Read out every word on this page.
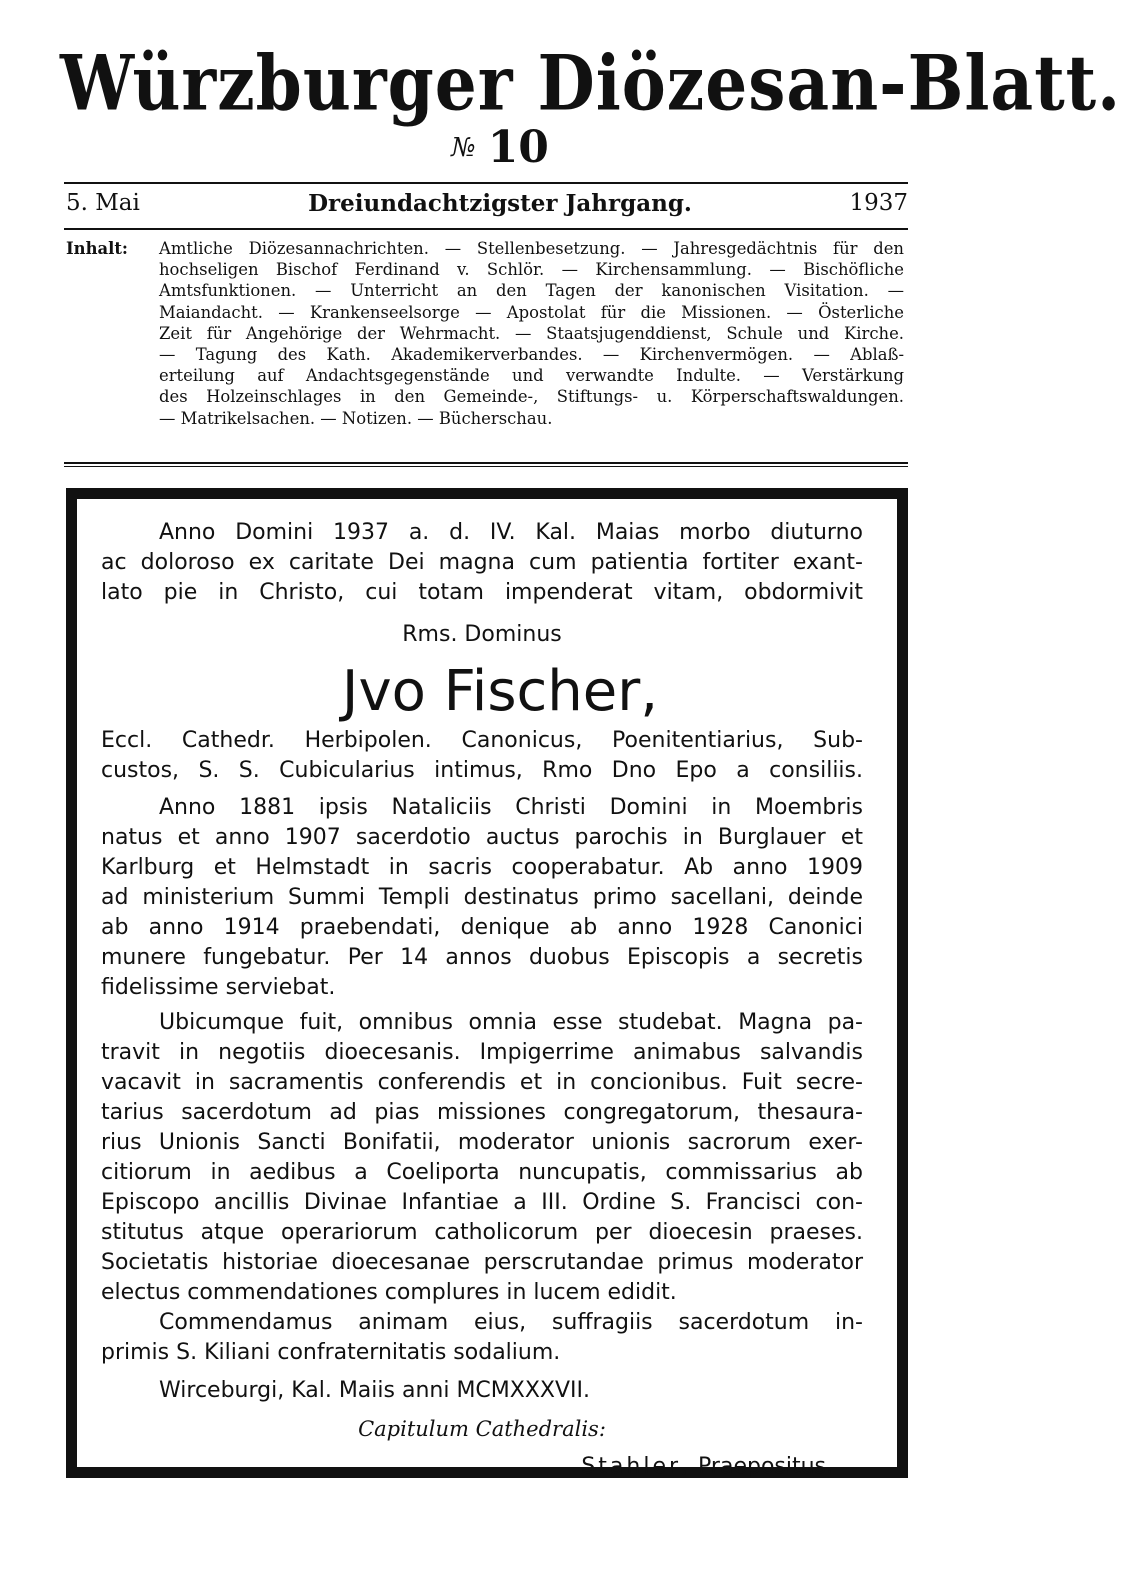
Würzburger Diözesan-Blatt.
№ 10
5. Mai	Dreiundachtzigster Jahrgang.	1937
Inhalt: Amtliche Diözesannachrichten. — Stellenbesetzung. — Jahresgedächtnis für den
hochseligen Bischof Ferdinand v. Schlör. — Kirchensammlung. — Bischöfliche
Amtsfunktionen. — Unterricht an den Tagen der kanonischen Visitation. —
Maiandacht. — Krankenseelsorge — Apostolat für die Missionen. — Österliche
Zeit für Angehörige der Wehrmacht. — Staatsjugenddienst, Schule und Kirche.
— Tagung des Kath. Akademikerverbandes. — Kirchenvermögen. — Ablaß-
erteilung auf Andachtsgegenstände und verwandte Indulte. — Verstärkung
des Holzeinschlages in den Gemeinde-, Stiftungs- u. Körperschaftswaldungen.
— Matrikelsachen. — Notizen. — Bücherschau.
Anno Domini 1937 a. d. IV. Kal. Maias morbo diuturno
ac doloroso ex caritate Dei magna cum patientia fortiter exant-
lato pie in Christo, cui totam impenderat vitam, obdormivit
Rms. Dominus
Eccl. Cathedr. Herbipolen. Canonicus, Poenitentiarius, Sub-
custos, S. S. Cubicularius intimus, Rmo Dno Epo a consiliis.
Anno 1881 ipsis Nataliciis Christi Domini in Moembris
natus et anno 1907 sacerdotio auctus parochis in Burglauer et
Karlburg et Helmstadt in sacris cooperabatur. Ab anno 1909
ad ministerium Summi Templi destinatus primo sacellani, deinde
ab anno 1914 praebendati, denique ab anno 1928 Canonici
munere fungebatur. Per 14 annos duobus Episcopis a secretis
fidelissime serviebat.
Ubicumque fuit, omnibus omnia esse studebat. Magna pa-
travit in negotiis dioecesanis. Impigerrime animabus salvandis
vacavit in sacramentis conferendis et in concionibus. Fuit secre-
tarius sacerdotum ad pias missiones congregatorum, thesaura-
rius Unionis Sancti Bonifatii, moderator unionis sacrorum exer-
citiorum in aedibus a Coeliporta nuncupatis, commissarius ab
Episcopo ancillis Divinae Infantiae a III. Ordine S. Francisci con-
stitutus atque operariorum catholicorum per dioecesin praeses.
Societatis historiae dioecesanae perscrutandae primus moderator
electus commendationes complures in lucem edidit.
Commendamus animam eius, suffragiis sacerdotum in-
primis S. Kiliani confraternitatis sodalium.
Wirceburgi, Kal. Maiis anni MCMXXXVII.
Capitulum Cathedralis:
Stahler, Praepositus.
Jvo Fischer,
